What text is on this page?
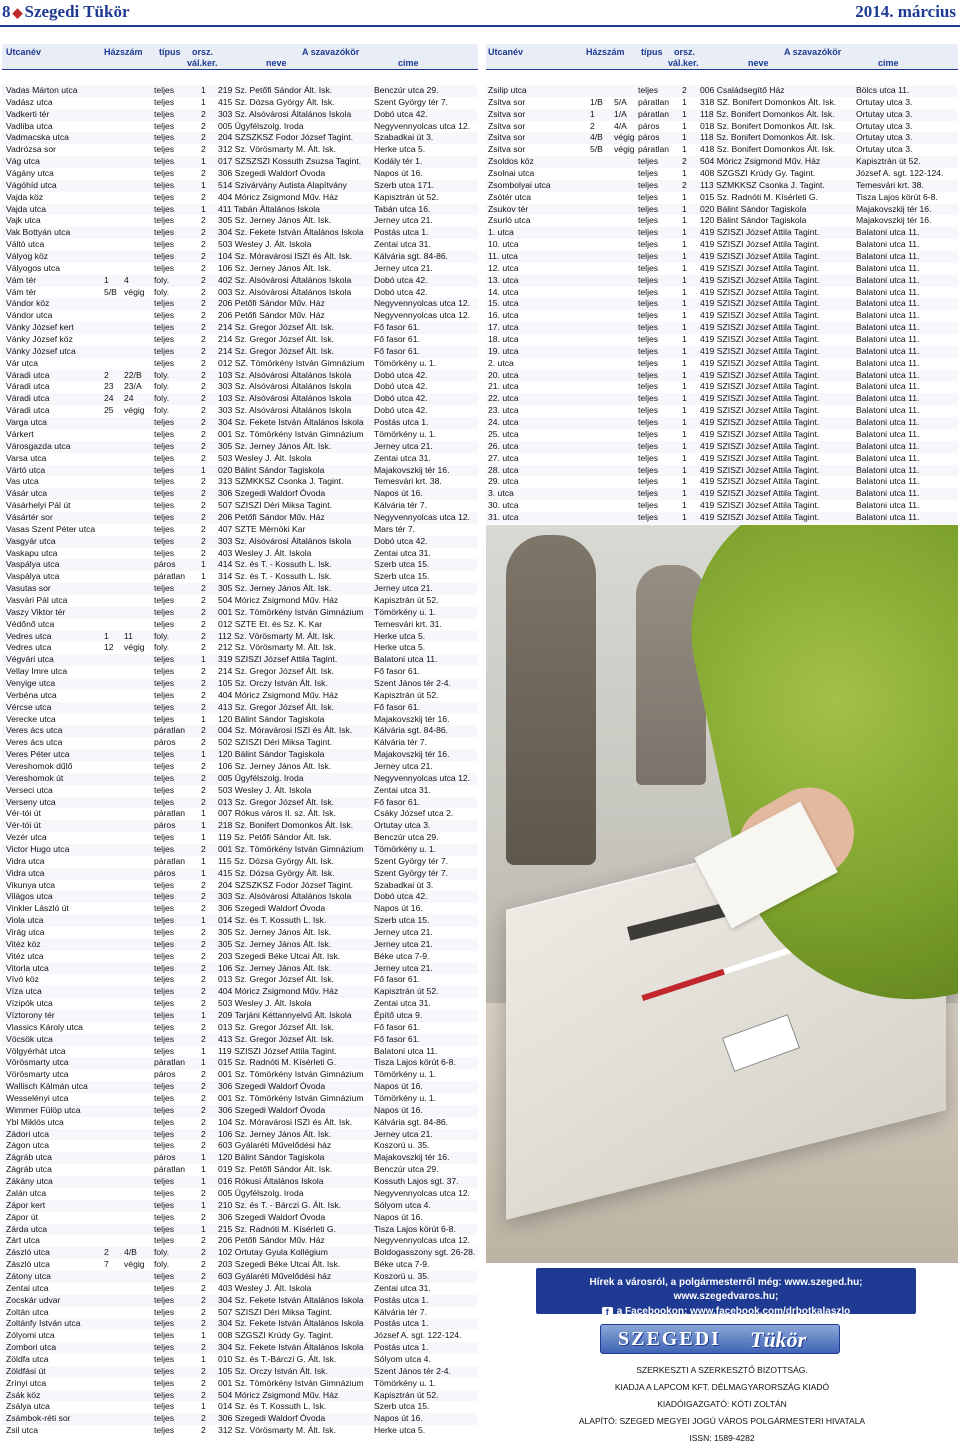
8 ◆ Szegedi Tükör	2014. március
Utcanév	Házszám típus orsz.
vál.ker.
A szavazókör
neve	címe
Vadas Márton utca	teljes	1	219 Sz. Petőfi Sándor Ált. Isk.	Benczúr utca 29.
Vadász utca	teljes	1	415 Sz. Dózsa György Ált. Isk.	Szent György tér 7.
Vadkerti tér	teljes	2	303 Sz. Alsóvárosi Általános Iskola	Dobó utca 42.
Vadliba utca	teljes	2	005 Ügyfélszolg. Iroda	Negyvennyolcas utca 12.
Vadmacska utca	teljes	2	204 SZSZKSZ Fodor József Tagint.	Szabadkai út 3.
Vadrózsa sor	teljes	2	312 Sz. Vörösmarty M. Ált. Isk.	Herke utca 5.
Vág utca	teljes	1	017 SZSZSZI Kossuth Zsuzsa Tagint.	Kodály tér 1.
Vágány utca	teljes	2	306 Szegedi Waldorf Óvoda	Napos út 16.
Vágóhíd utca	teljes	1	514 Szivárvány Autista Alapítvány	Szerb utca 171.
Vajda köz	teljes	2	404 Móricz Zsigmond Műv. Ház	Kapisztrán út 52.
Vajda utca	teljes	1	411 Tabán Általános Iskola	Tabán utca 16.
Vajk utca	teljes	2	305 Sz. Jerney János Ált. Isk.	Jerney utca 21.
Vak Bottyán utca	teljes	2	304 Sz. Fekete István Általános Iskola	Postás utca 1.
Váltó utca	teljes	2	503 Wesley J. Ált. Iskola	Zentai utca 31.
Vályog köz	teljes	2	104 Sz. Móravárosi ISZI és Ált. Isk.	Kálvária sgt. 84-86.
Vályogos utca	teljes	2	106 Sz. Jerney János Ált. Isk.	Jerney utca 21.
Vám tér	1	4	foly.	2	402 Sz. Alsóvárosi Általános Iskola	Dobó utca 42.
Vám tér	5/B végig	foly.	2	003 Sz. Alsóvárosi Általános Iskola	Dobó utca 42.
Vándor köz	teljes	2	206 Petőfi Sándor Műv. Ház	Negyvennyolcas utca 12.
Vándor utca	teljes	2	206 Petőfi Sándor Műv. Ház	Negyvennyolcas utca 12.
Vánky József kert	teljes	2	214 Sz. Gregor József Ált. Isk.	Fő fasor 61.
Vánky József köz	teljes	2	214 Sz. Gregor József Ált. Isk.	Fő fasor 61.
Vánky József utca	teljes	2	214 Sz. Gregor József Ált. Isk.	Fő fasor 61.
Vár utca	teljes	2	012 SZ. Tömörkény István Gimnázium	Tömörkény u. 1.
Váradi utca	2	22/B	foly.	2	103 Sz. Alsóvárosi Általános Iskola	Dobó utca 42.
Váradi utca	23	23/A	foly.	2	303 Sz. Alsóvárosi Általános Iskola	Dobó utca 42.
Váradi utca	24	24	foly.	2	103 Sz. Alsóvárosi Általános Iskola	Dobó utca 42.
Váradi utca	25	végig	foly.	2	303 Sz. Alsóvárosi Általános Iskola	Dobó utca 42.
Varga utca	teljes	2	304 Sz. Fekete István Általános Iskola	Postás utca 1.
Várkert	teljes	2	001 Sz. Tömörkény István Gimnázium	Tömörkény u. 1.
Városgazda utca	teljes	2	305 Sz. Jerney János Ált. Isk.	Jerney utca 21.
Varsa utca	teljes	2	503 Wesley J. Ált. Iskola	Zentai utca 31.
Vártó utca	teljes	1	020 Bálint Sándor Tagiskola	Majakovszkij tér 16.
Vas utca	teljes	2	313 SZMKKSZ Csonka J. Tagint.	Temesvári krt. 38.
Vásár utca	teljes	2	306 Szegedi Waldorf Óvoda	Napos út 16.
Vásárhelyi Pál út	teljes	2	507 SZISZI Déri Miksa Tagint.	Kálvária tér 7.
Vásártér sor	teljes	2	206 Petőfi Sándor Műv. Ház	Negyvennyolcas utca 12.
Vasas Szent Péter utca	teljes	2	407 SZTE Mérnöki Kar	Mars tér 7.
Vasgyár utca	teljes	2	303 Sz. Alsóvárosi Általános Iskola	Dobó utca 42.
Vaskapu utca	teljes	2	403 Wesley J. Ált. Iskola	Zentai utca 31.
Vaspálya utca	páros	1	414 Sz. és T. - Kossuth L. Isk.	Szerb utca 15.
Vaspálya utca	páratlan	1	314 Sz. és T. - Kossuth L. Isk.	Szerb utca 15.
Vasutas sor	teljes	2	305 Sz. Jerney János Ált. Isk.	Jerney utca 21.
Vasvári Pál utca	teljes	2	504 Móricz Zsigmond Műv. Ház	Kapisztrán út 52.
Vaszy Viktor tér	teljes	2	001 Sz. Tömörkény István Gimnázium	Tömörkény u. 1.
Védőnő utca	teljes	2	012 SZTE Et. és Sz. K. Kar	Temesvári krt. 31.
Vedres utca	1	11	foly.	2	112 Sz. Vörösmarty M. Ált. Isk.	Herke utca 5.
Vedres utca	12	végig	foly.	2	212 Sz. Vörösmarty M. Ált. Isk.	Herke utca 5.
Végvári utca	teljes	1	319 SZISZI József Attila Tagint.	Balatoni utca 11.
Vellay Imre utca	teljes	2	214 Sz. Gregor József Ált. Isk.	Fő fasor 61.
Venyige utca	teljes	2	105 Sz. Orczy István Ált. Isk.	Szent János tér 2-4.
Verbéna utca	teljes	2	404 Móricz Zsigmond Műv. Ház	Kapisztrán út 52.
Vércse utca	teljes	2	413 Sz. Gregor József Ált. Isk.	Fő fasor 61.
Verecke utca	teljes	1	120 Bálint Sándor Tagiskola	Majakovszkij tér 16.
Veres ács utca	páratlan	2	004 Sz. Móravárosi ISZI és Ált. Isk.	Kálvária sgt. 84-86.
Veres ács utca	páros	2	502 SZISZI Déri Miksa Tagint.	Kálvária tér 7.
Veres Péter utca	teljes	1	120 Bálint Sándor Tagiskola	Majakovszkij tér 16.
Vereshomok dűlő	teljes	2	106 Sz. Jerney János Ált. Isk.	Jerney utca 21.
Vereshomok út	teljes	2	005 Ügyfélszolg. Iroda	Negyvennyolcas utca 12.
Verseci utca	teljes	2	503 Wesley J. Ált. Iskola	Zentai utca 31.
Verseny utca	teljes	2	013 Sz. Gregor József Ált. Isk.	Fő fasor 61.
Vér-tói út	páratlan	1	007 Rókus város II. sz. Ált. Isk.	Csáky József utca 2.
Vér-tói út	páros	1	218 Sz. Bonifert Domonkos Ált. Isk.	Ortutay utca 3.
Vezér utca	teljes	1	119 Sz. Petőfi Sándor Ált. Isk.	Benczúr utca 29.
Victor Hugo utca	teljes	2	001 Sz. Tömörkény István Gimnázium	Tömörkény u. 1.
Vidra utca	páratlan	1	115 Sz. Dózsa György Ált. Isk.	Szent György tér 7.
Vidra utca	páros	1	415 Sz. Dózsa György Ált. Isk.	Szent György tér 7.
Vikunya utca	teljes	2	204 SZSZKSZ Fodor József Tagint.	Szabadkai út 3.
Világos utca	teljes	2	303 Sz. Alsóvárosi Általános Iskola	Dobó utca 42.
Vinkler László út	teljes	2	306 Szegedi Waldorf Óvoda	Napos út 16.
Viola utca	teljes	1	014 Sz. és T. Kossuth L. Isk.	Szerb utca 15.
Virág utca	teljes	2	305 Sz. Jerney János Ált. Isk.	Jerney utca 21.
Vitéz köz	teljes	2	305 Sz. Jerney János Ált. Isk.	Jerney utca 21.
Vitéz utca	teljes	2	203 Szegedi Béke Utcai Ált. Isk.	Béke utca 7-9.
Vitorla utca	teljes	2	106 Sz. Jerney János Ált. Isk.	Jerney utca 21.
Vívó köz	teljes	2	013 Sz. Gregor József Ált. Isk.	Fő fasor 61.
Víza utca	teljes	2	404 Móricz Zsigmond Műv. Ház	Kapisztrán út 52.
Vízipók utca	teljes	2	503 Wesley J. Ált. Iskola	Zentai utca 31.
Víztorony tér	teljes	1	209 Tarjáni Kéttannyelvű Ált. Iskola	Építő utca 9.
Vlassics Károly utca	teljes	2	013 Sz. Gregor József Ált. Isk.	Fő fasor 61.
Vöcsök utca	teljes	2	413 Sz. Gregor József Ált. Isk.	Fő fasor 61.
Völgyérhát utca	teljes	1	119 SZISZI József Attila Tagint.	Balatoni utca 11.
Vörösmarty utca	páratlan	1	015 Sz. Radnóti M. Kísérleti G.	Tisza Lajos körút 6-8.
Vörösmarty utca	páros	2	001 Sz. Tömörkény István Gimnázium	Tömörkény u. 1.
Wallisch Kálmán utca	teljes	2	306 Szegedi Waldorf Óvoda	Napos út 16.
Wesselényi utca	teljes	2	001 Sz. Tömörkény István Gimnázium	Tömörkény u. 1.
Wimmer Fülöp utca	teljes	2	306 Szegedi Waldorf Óvoda	Napos út 16.
Ybl Miklós utca	teljes	2	104 Sz. Móravárosi ISZI és Ált. Isk.	Kálvária sgt. 84-86.
Zádori utca	teljes	2	106 Sz. Jerney János Ált. Isk.	Jerney utca 21.
Zágon utca	teljes	2	603 Gyálaréti Művelődési ház	Koszorú u. 35.
Zágráb utca	páros	1	120 Bálint Sándor Tagiskola	Majakovszkij tér 16.
Zágráb utca	páratlan	1	019 Sz. Petőfi Sándor Ált. Isk.	Benczúr utca 29.
Zákány utca	teljes	1	016 Rókusi Általános Iskola	Kossuth Lajos sgt. 37.
Zalán utca	teljes	2	005 Ügyfélszolg. Iroda	Negyvennyolcas utca 12.
Zápor kert	teljes	1	210 Sz. és T. - Bárczi G. Ált. Isk.	Sólyom utca 4.
Zápor út	teljes	2	306 Szegedi Waldorf Óvoda	Napos út 16.
Zárda utca	teljes	1	215 Sz. Radnóti M. Kísérleti G.	Tisza Lajos körút 6-8.
Zárt utca	teljes	2	206 Petőfi Sándor Műv. Ház	Negyvennyolcas utca 12.
Zászló utca	2	4/B	foly.	2	102 Ortutay Gyula Kollégium	Boldogasszony sgt. 26-28.
Zászló utca	7	végig	foly.	2	203 Szegedi Béke Utcai Ált. Isk.	Béke utca 7-9.
Zátony utca	teljes	2	603 Gyálaréti Művelődési ház	Koszorú u. 35.
Zentai utca	teljes	2	403 Wesley J. Ált. Iskola	Zentai utca 31.
Zocskár udvar	teljes	2	304 Sz. Fekete István Általános Iskola	Postás utca 1.
Zoltán utca	teljes	2	507 SZISZI Déri Miksa Tagint.	Kálvária tér 7.
Zoltánfy István utca	teljes	2	304 Sz. Fekete István Általános Iskola	Postás utca 1.
Zólyomi utca	teljes	1	008 SZGSZI Krúdy Gy. Tagint.	József A. sgt. 122-124.
Zombori utca	teljes	2	304 Sz. Fekete István Általános Iskola	Postás utca 1.
Zöldfa utca	teljes	1	010 Sz. és T.-Bárczi G. Ált. Isk.	Sólyom utca 4.
Zöldfási út	teljes	2	105 Sz. Orczy István Ált. Isk.	Szent János tér 2-4.
Zrínyi utca	teljes	2	001 Sz. Tömörkény István Gimnázium	Tömörkény u. 1.
Zsák köz	teljes	2	504 Móricz Zsigmond Műv. Ház	Kapisztrán út 52.
Zsálya utca	teljes	1	014 Sz. és T. Kossuth L. Isk.	Szerb utca 15.
Zsámbok-réti sor	teljes	2	306 Szegedi Waldorf Óvoda	Napos út 16.
Zsil utca	teljes	2	312 Sz. Vörösmarty M. Ált. Isk.	Herke utca 5.
Utcanév	Házszám típus orsz.
vál.ker.
A szavazókör
neve	címe
Zsilip utca	teljes	2	006 Családsegítő Ház	Bölcs utca 11.
Zsitva sor	1/B	5/A	páratlan	1	318 SZ. Bonifert Domonkos Ált. Isk.	Ortutay utca 3.
Zsitva sor	1	1/A	páratlan	1	118 Sz. Bonifert Domonkos Ált. Isk.	Ortutay utca 3.
Zsitva sor	2	4/A	páros	1	018 Sz. Bonifert Domonkos Ált. Isk.	Ortutay utca 3.
Zsitva sor	4/B	végig páros	1	118 Sz. Bonifert Domonkos Ált. Isk.	Ortutay utca 3.
Zsitva sor	5/B	végig páratlan	1	418 Sz. Bonifert Domonkos Ált. Isk.	Ortutay utca 3.
Zsoldos köz	teljes	2	504 Móricz Zsigmond Műv. Ház	Kapisztrán út 52.
Zsolnai utca	teljes	1	408 SZGSZI Krúdy Gy. Tagint.	József A. sgt. 122-124.
Zsombolyai utca	teljes	2	113 SZMKKSZ Csonka J. Tagint.	Temesvári krt. 38.
Zsótér utca	teljes	1	015 Sz. Radnóti M. Kísérleti G.	Tisza Lajos körút 6-8.
Zsukov tér	teljes	1	020 Bálint Sándor Tagiskola	Majakovszkij tér 16.
Zsurló utca	teljes	1	120 Bálint Sándor Tagiskola	Majakovszkij tér 16.
1. utca	teljes	1	419 SZISZI József Attila Tagint.	Balatoni utca 11.
10. utca	teljes	1	419 SZISZI József Attila Tagint.	Balatoni utca 11.
11. utca	teljes	1	419 SZISZI József Attila Tagint.	Balatoni utca 11.
12. utca	teljes	1	419 SZISZI József Attila Tagint.	Balatoni utca 11.
13. utca	teljes	1	419 SZISZI József Attila Tagint.	Balatoni utca 11.
14. utca	teljes	1	419 SZISZI József Attila Tagint.	Balatoni utca 11.
15. utca	teljes	1	419 SZISZI József Attila Tagint.	Balatoni utca 11.
16. utca	teljes	1	419 SZISZI József Attila Tagint.	Balatoni utca 11.
17. utca	teljes	1	419 SZISZI József Attila Tagint.	Balatoni utca 11.
18. utca	teljes	1	419 SZISZI József Attila Tagint.	Balatoni utca 11.
19. utca	teljes	1	419 SZISZI József Attila Tagint.	Balatoni utca 11.
2. utca	teljes	1	419 SZISZI József Attila Tagint.	Balatoni utca 11.
20. utca	teljes	1	419 SZISZI József Attila Tagint.	Balatoni utca 11.
21. utca	teljes	1	419 SZISZI József Attila Tagint.	Balatoni utca 11.
22. utca	teljes	1	419 SZISZI József Attila Tagint.	Balatoni utca 11.
23. utca	teljes	1	419 SZISZI József Attila Tagint.	Balatoni utca 11.
24. utca	teljes	1	419 SZISZI József Attila Tagint.	Balatoni utca 11.
25. utca	teljes	1	419 SZISZI József Attila Tagint.	Balatoni utca 11.
26. utca	teljes	1	419 SZISZI József Attila Tagint.	Balatoni utca 11.
27. utca	teljes	1	419 SZISZI József Attila Tagint.	Balatoni utca 11.
28. utca	teljes	1	419 SZISZI József Attila Tagint.	Balatoni utca 11.
29. utca	teljes	1	419 SZISZI József Attila Tagint.	Balatoni utca 11.
3. utca	teljes	1	419 SZISZI József Attila Tagint.	Balatoni utca 11.
30. utca	teljes	1	419 SZISZI József Attila Tagint.	Balatoni utca 11.
31. utca	teljes	1	419 SZISZI József Attila Tagint.	Balatoni utca 11.
Hírek a városról, a polgármesterről még: www.szeged.hu; www.szegedvaros.hu;
f a Facebookon: www.facebook.com/drbotkalaszlo
SZEGEDI Tükör
SZERKESZTI A SZERKESZTŐ BIZOTTSÁG.
KIADJA A LAPCOM KFT. DÉLMAGYARORSZÁG KIADÓ
KIADÓIGAZGATÓ: KÓTI ZOLTÁN
ALAPÍTÓ: SZEGED MEGYEI JOGÚ VÁROS POLGÁRMESTERI HIVATALA
ISSN: 1589-4282
